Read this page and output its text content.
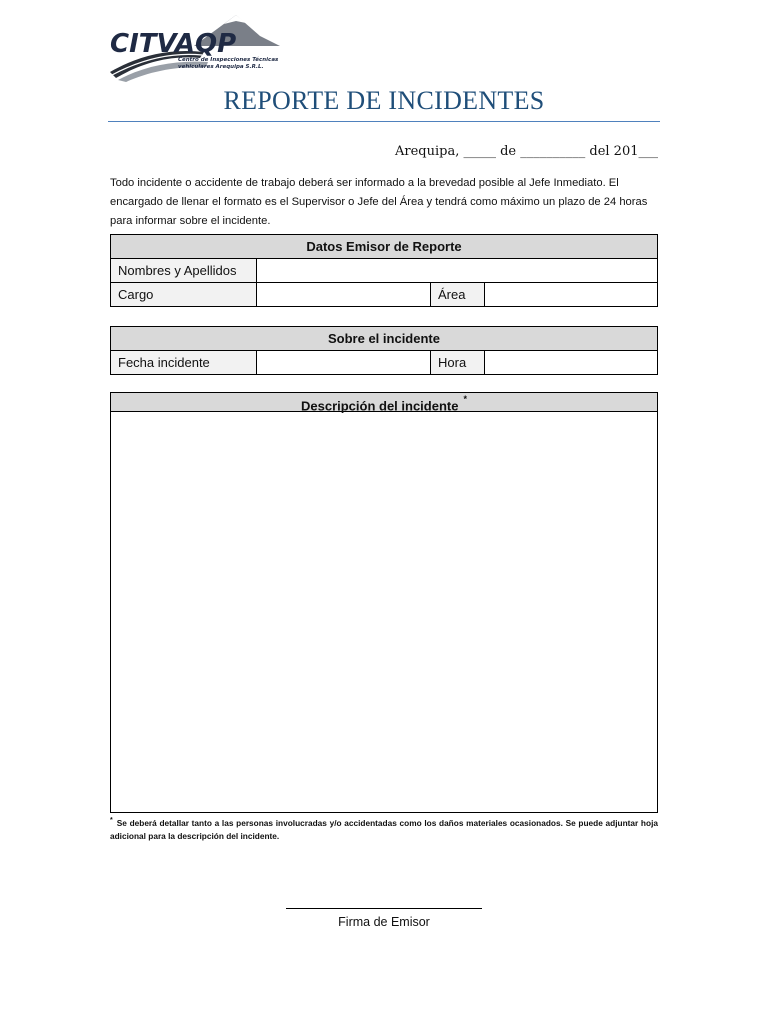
CITVAQP
Centro de Inspecciones Técnicas
vehiculares Arequipa S.R.L.
REPORTE DE INCIDENTES
Arequipa, _____ de __________ del 201___
Todo incidente o accidente de trabajo deberá ser informado a la brevedad posible al Jefe Inmediato. El encargado de llenar el formato es el Supervisor o Jefe del Área y tendrá como máximo un plazo de 24 horas para informar sobre el incidente.
Datos Emisor de Reporte			
Nombres y Apellidos			
Cargo		Área	
Sobre el incidente
Fecha incidente		Hora	
Descripción del incidente *
* Se deberá detallar tanto a las personas involucradas y/o accidentadas como los daños materiales ocasionados. Se puede adjuntar hoja adicional para la descripción del incidente.
Firma de Emisor
